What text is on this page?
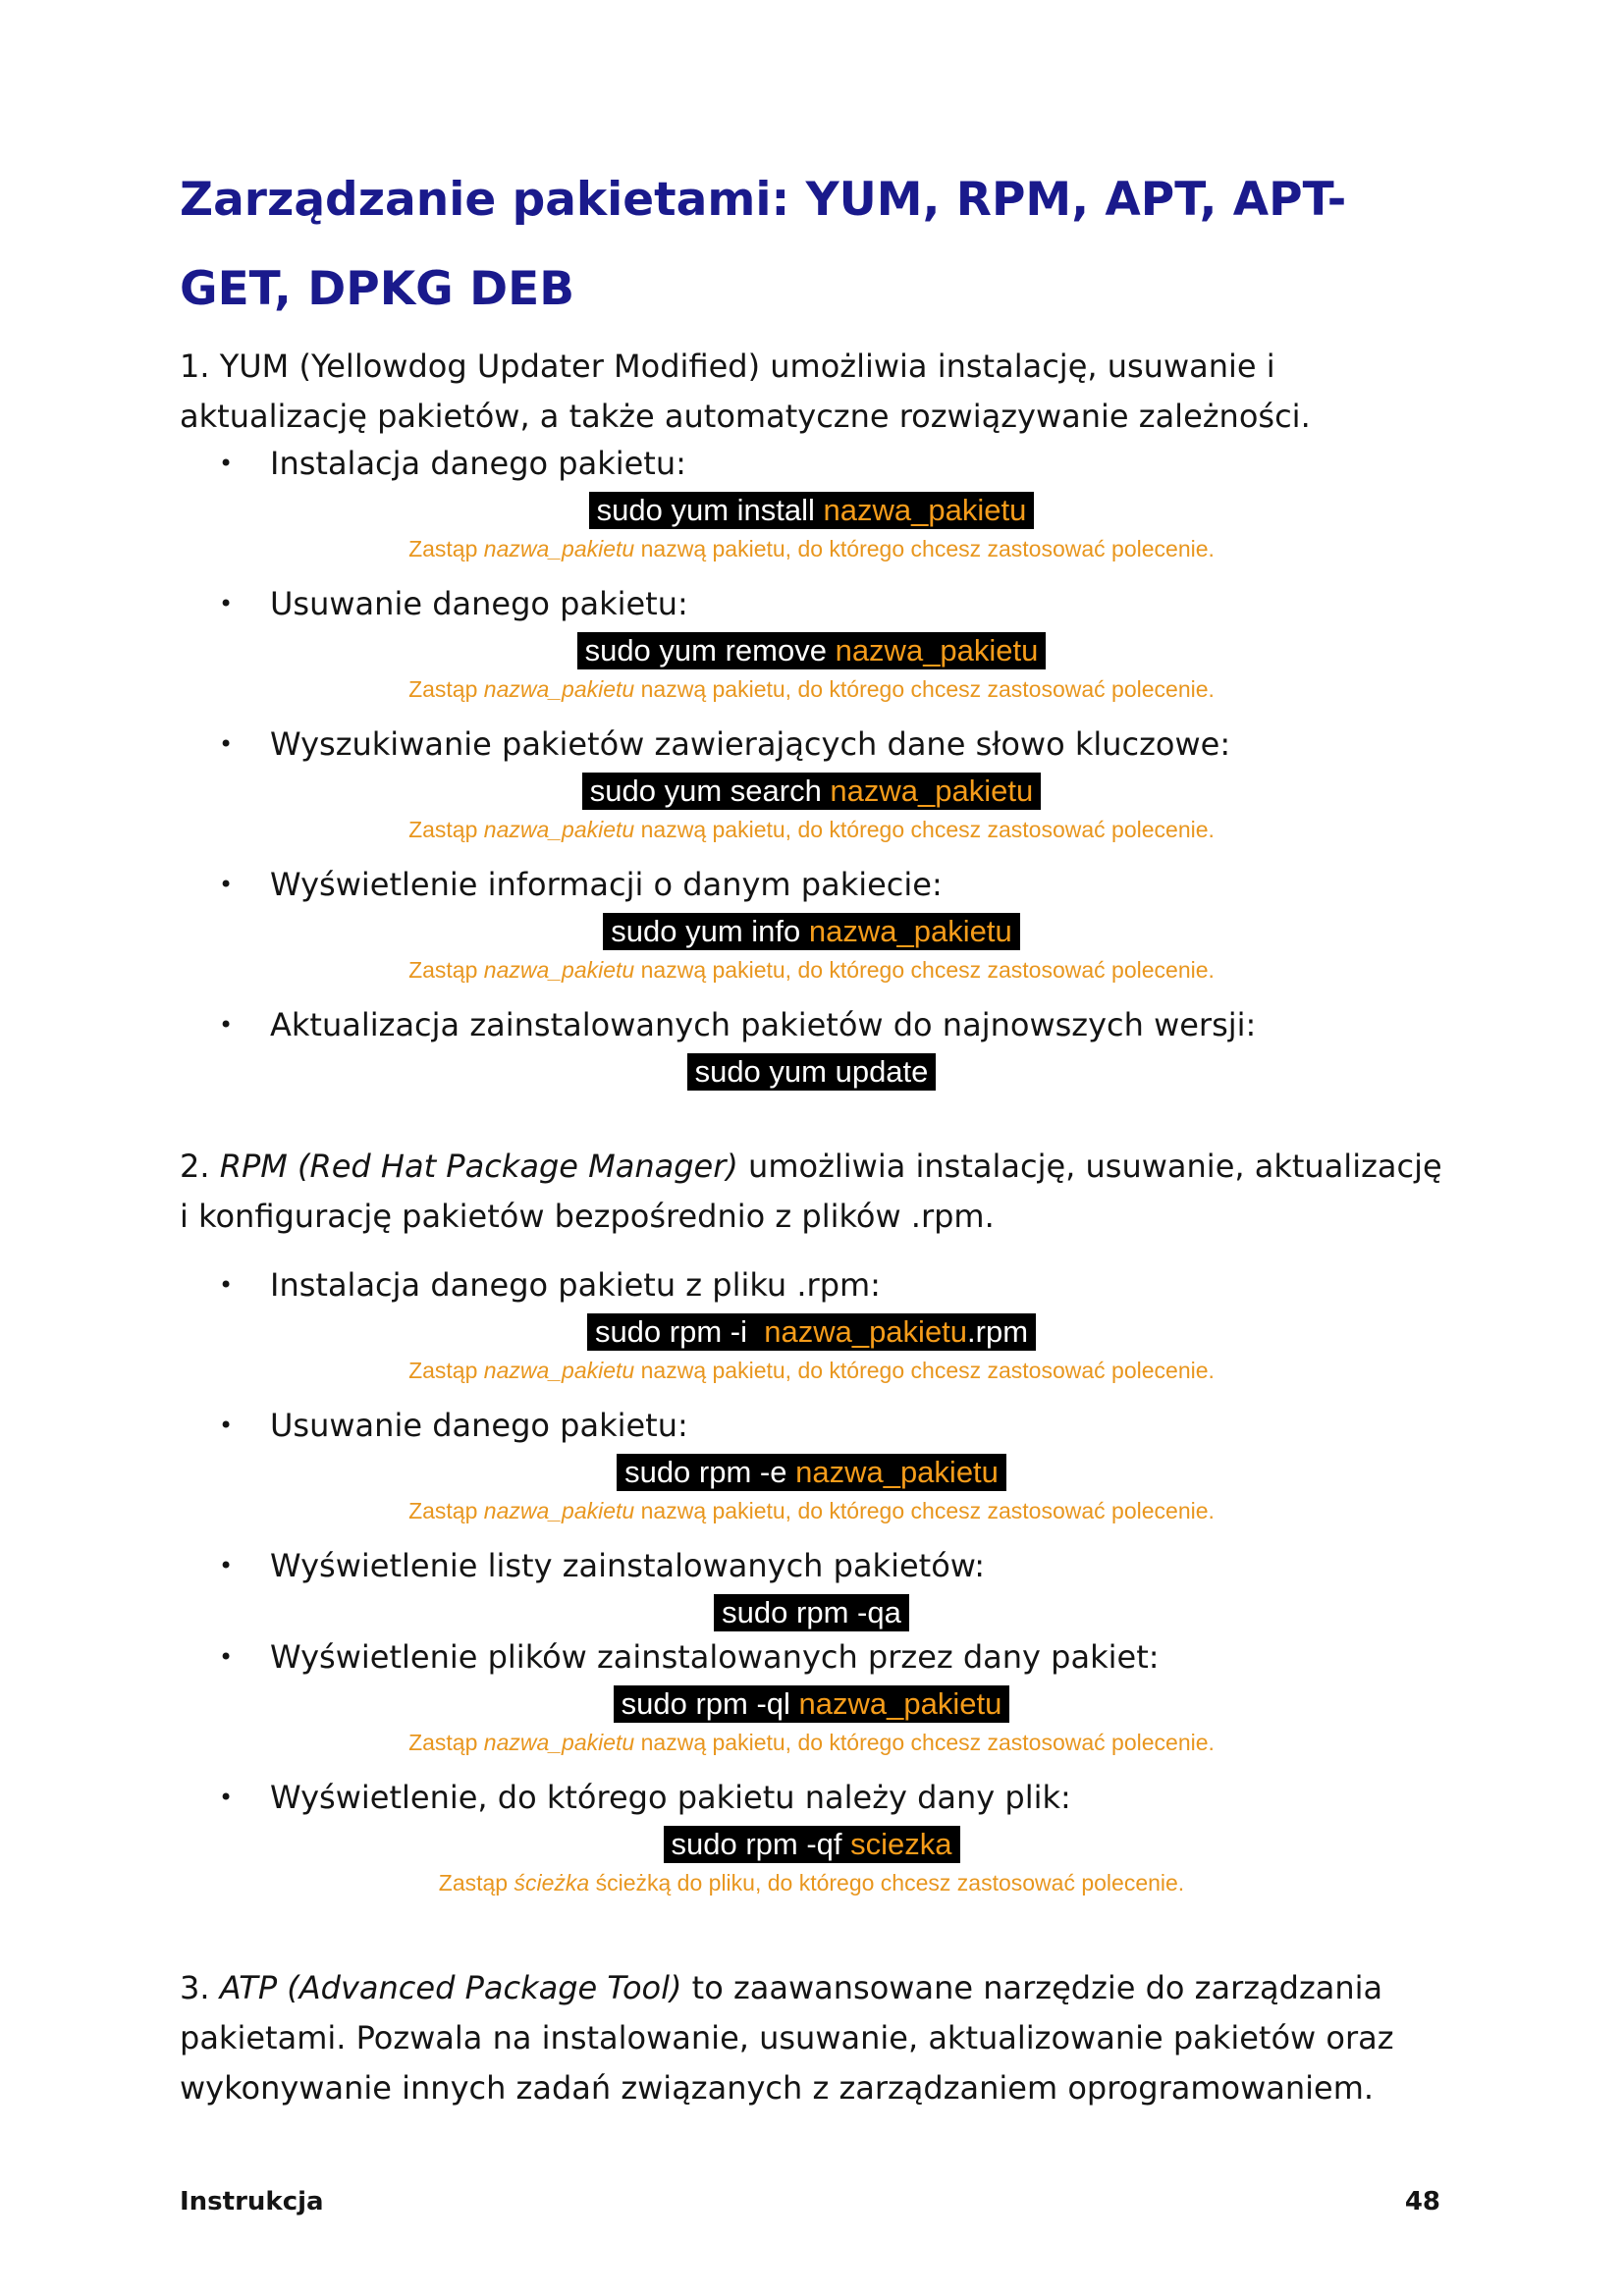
Zarządzanie pakietami: YUM, RPM, APT, APT-GET, DPKG DEB

1. YUM (Yellowdog Updater Modified) umożliwia instalację, usuwanie i aktualizację pakietów, a także automatyczne rozwiązywanie zależności.

• Instalacja danego pakietu:
sudo yum install nazwa_pakietu
Zastąp nazwa_pakietu nazwą pakietu, do którego chcesz zastosować polecenie.
• Usuwanie danego pakietu:
sudo yum remove nazwa_pakietu
Zastąp nazwa_pakietu nazwą pakietu, do którego chcesz zastosować polecenie.
• Wyszukiwanie pakietów zawierających dane słowo kluczowe:
sudo yum search nazwa_pakietu
Zastąp nazwa_pakietu nazwą pakietu, do którego chcesz zastosować polecenie.
• Wyświetlenie informacji o danym pakiecie:
sudo yum info nazwa_pakietu
Zastąp nazwa_pakietu nazwą pakietu, do którego chcesz zastosować polecenie.
• Aktualizacja zainstalowanych pakietów do najnowszych wersji:
sudo yum update

2. RPM (Red Hat Package Manager) umożliwia instalację, usuwanie, aktualizację i konfigurację pakietów bezpośrednio z plików .rpm.

• Instalacja danego pakietu z pliku .rpm:
sudo rpm -i  nazwa_pakietu.rpm
Zastąp nazwa_pakietu nazwą pakietu, do którego chcesz zastosować polecenie.
• Usuwanie danego pakietu:
sudo rpm -e nazwa_pakietu
Zastąp nazwa_pakietu nazwą pakietu, do którego chcesz zastosować polecenie.
• Wyświetlenie listy zainstalowanych pakietów:
sudo rpm -qa
• Wyświetlenie plików zainstalowanych przez dany pakiet:
sudo rpm -ql nazwa_pakietu
Zastąp nazwa_pakietu nazwą pakietu, do którego chcesz zastosować polecenie.
• Wyświetlenie, do którego pakietu należy dany plik:
sudo rpm -qf sciezka
Zastąp ścieżka ścieżką do pliku, do którego chcesz zastosować polecenie.

3. ATP (Advanced Package Tool) to zaawansowane narzędzie do zarządzania pakietami. Pozwala na instalowanie, usuwanie, aktualizowanie pakietów oraz wykonywanie innych zadań związanych z zarządzaniem oprogramowaniem.

Instrukcja	48
